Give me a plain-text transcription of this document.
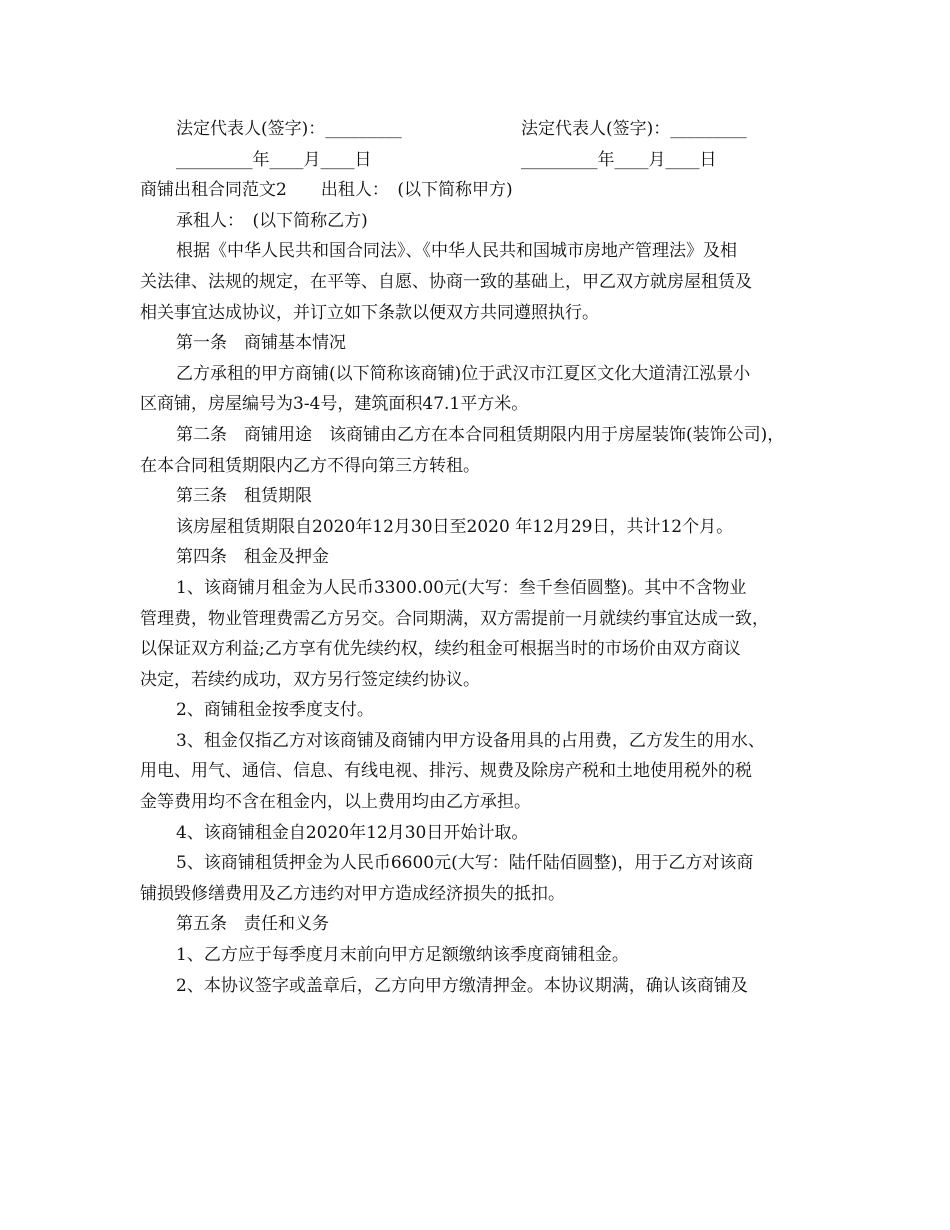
法定代表人(签字)：_________	法定代表人(签字)：_________
_________年____月____日	_________年____月____日
商铺出租合同范文2　　出租人：　(以下简称甲方)
承租人：　(以下简称乙方)
根据《中华人民共和国合同法》、《中华人民共和国城市房地产管理法》及相
关法律、法规的规定，在平等、自愿、协商一致的基础上，甲乙双方就房屋租赁及
相关事宜达成协议，并订立如下条款以便双方共同遵照执行。
第一条　商铺基本情况
乙方承租的甲方商铺(以下简称该商铺)位于武汉市江夏区文化大道清江泓景小
区商铺，房屋编号为3-4号，建筑面积47.1平方米。
第二条　商铺用途　该商铺由乙方在本合同租赁期限内用于房屋装饰(装饰公司)，
在本合同租赁期限内乙方不得向第三方转租。
第三条　租赁期限
该房屋租赁期限自2020年12月30日至2020 年12月29日，共计12个月。
第四条　租金及押金
1、该商铺月租金为人民币3300.00元(大写：叁千叁佰圆整)。其中不含物业
管理费，物业管理费需乙方另交。合同期满，双方需提前一月就续约事宜达成一致，
以保证双方利益;乙方享有优先续约权，续约租金可根据当时的市场价由双方商议
决定，若续约成功，双方另行签定续约协议。
2、商铺租金按季度支付。
3、租金仅指乙方对该商铺及商铺内甲方设备用具的占用费，乙方发生的用水、
用电、用气、通信、信息、有线电视、排污、规费及除房产税和土地使用税外的税
金等费用均不含在租金内，以上费用均由乙方承担。
4、该商铺租金自2020年12月30日开始计取。
5、该商铺租赁押金为人民币6600元(大写：陆仟陆佰圆整)，用于乙方对该商
铺损毁修缮费用及乙方违约对甲方造成经济损失的抵扣。
第五条　责任和义务
1、乙方应于每季度月末前向甲方足额缴纳该季度商铺租金。
2、本协议签字或盖章后，乙方向甲方缴清押金。本协议期满，确认该商铺及
